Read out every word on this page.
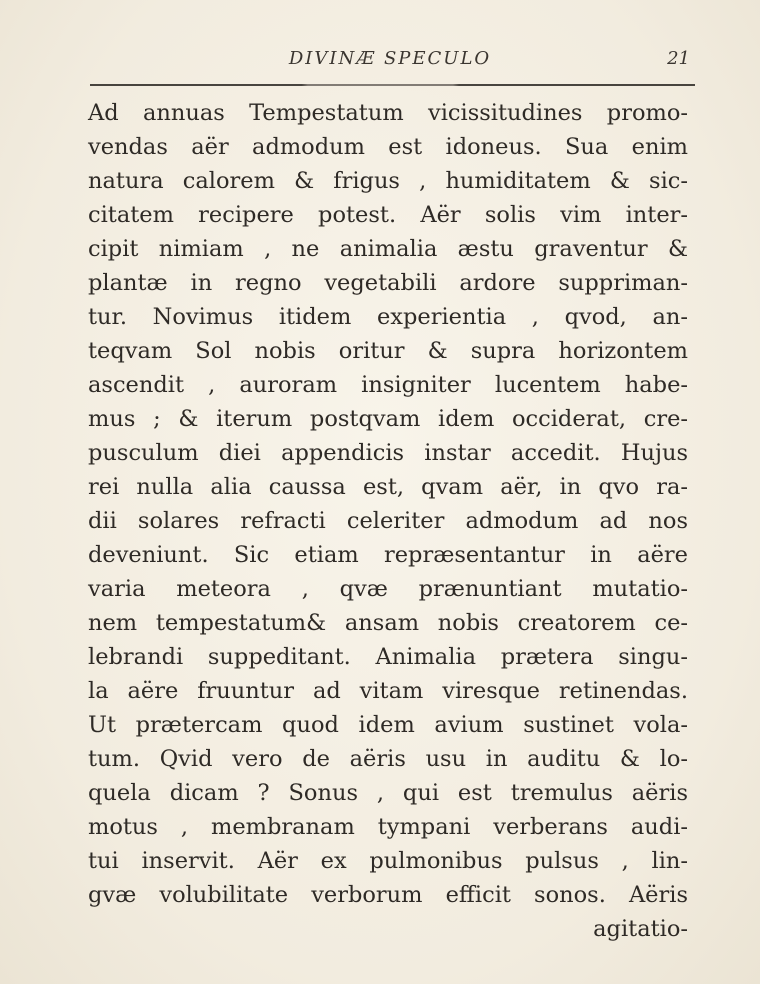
DIVINÆ SPECULO	21
Ad annuas Tempestatum vicissitudines promo-
vendas aër admodum est idoneus. Sua enim
natura calorem & frigus , humiditatem & sic-
citatem recipere potest. Aër solis vim inter-
cipit nimiam , ne animalia æstu graventur &
plantæ in regno vegetabili ardore suppriman-
tur. Novimus itidem experientia , qvod, an-
teqvam Sol nobis oritur & supra horizontem
ascendit , auroram insigniter lucentem habe-
mus ; & iterum postqvam idem occiderat, cre-
pusculum diei appendicis instar accedit. Hujus
rei nulla alia caussa est, qvam aër, in qvo ra-
dii solares refracti celeriter admodum ad nos
deveniunt. Sic etiam repræsentantur in aëre
varia meteora , qvæ prænuntiant mutatio-
nem tempestatum& ansam nobis creatorem ce-
lebrandi suppeditant. Animalia prætera singu-
la aëre fruuntur ad vitam viresque retinendas.
Ut prætercam quod idem avium sustinet vola-
tum. Qvid vero de aëris usu in auditu & lo-
quela dicam ? Sonus , qui est tremulus aëris
motus , membranam tympani verberans audi-
tui inservit. Aër ex pulmonibus pulsus , lin-
gvæ volubilitate verborum efficit sonos. Aëris
agitatio-
